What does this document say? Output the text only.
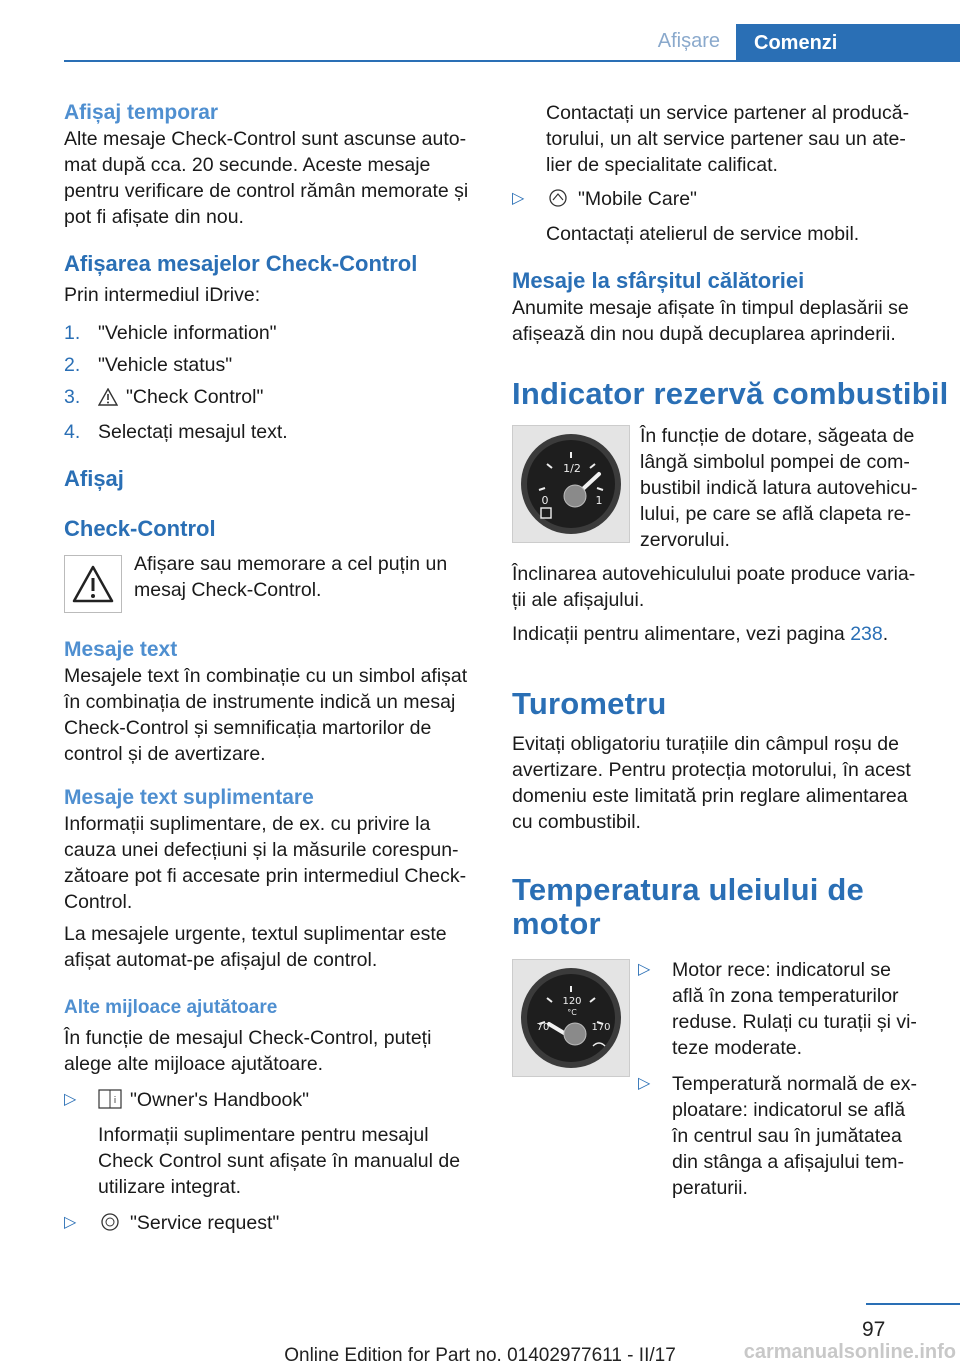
Afișare	Comenzi
Afișaj temporar

Alte mesaje Check-Control sunt ascunse auto-mat după cca. 20 secunde. Aceste mesaje pentru verificare de control rămân memorate și pot fi afișate din nou.

Afișarea mesajelor Check-Control

Prin intermediul iDrive:

1. "Vehicle information"
2. "Vehicle status"
3. "Check Control"
4. Selectați mesajul text.
Afișaj
Check-Control

Afișare sau memorare a cel puțin un mesaj Check-Control.

Mesaje text

Mesajele text în combinație cu un simbol afișat în combinația de instrumente indică un mesaj Check-Control și semnificația martorilor de control și de avertizare.

Mesaje text suplimentare

Informații suplimentare, de ex. cu privire la cauza unei defecțiuni și la măsurile corespun-zătoare pot fi accesate prin intermediul Check-Control.

La mesajele urgente, textul suplimentar este afișat automat-pe afișajul de control.

Alte mijloace ajutătoare

În funcție de mesajul Check-Control, puteți alege alte mijloace ajutătoare.

▷	i "Owner's Handbook"

Informații suplimentare pentru mesajul Check Control sunt afișate în manualul de utilizare integrat.

▷	"Service request"

Contactați un service partener al producă-torului, un alt service partener sau un ate-lier de specialitate calificat.

▷	"Mobile Care"

Contactați atelierul de service mobil.

Mesaje la sfârșitul călătoriei

Anumite mesaje afișate în timpul deplasării se afișează din nou după decuplarea aprinderii.

Indicator rezervă combustibil
1/2
0	1

În funcție de dotare, săgeata de lângă simbolul pompei de com-bustibil indică latura autovehicu-lului, pe care se află clapeta re-zervorului.

Înclinarea autovehiculului poate produce varia-ții ale afișajului.

Indicații pentru alimentare, vezi pagina 238.

Turometru

Evitați obligatoriu turațiile din câmpul roșu de avertizare. Pentru protecția motorului, în acest domeniu este limitată prin reglare alimentarea cu combustibil.

Temperatura uleiului de motor
120
°C
70	170
▷ Motor rece: indicatorul se află în zona temperaturilor reduse. Rulați cu turații și vi-teze moderate.
▷ Temperatură normală de ex-ploatare: indicatorul se află în centrul sau în jumătatea din stânga a afișajului tem-peraturii.
97
Online Edition for Part no. 01402977611 - II/17	carmanualsonline.info
